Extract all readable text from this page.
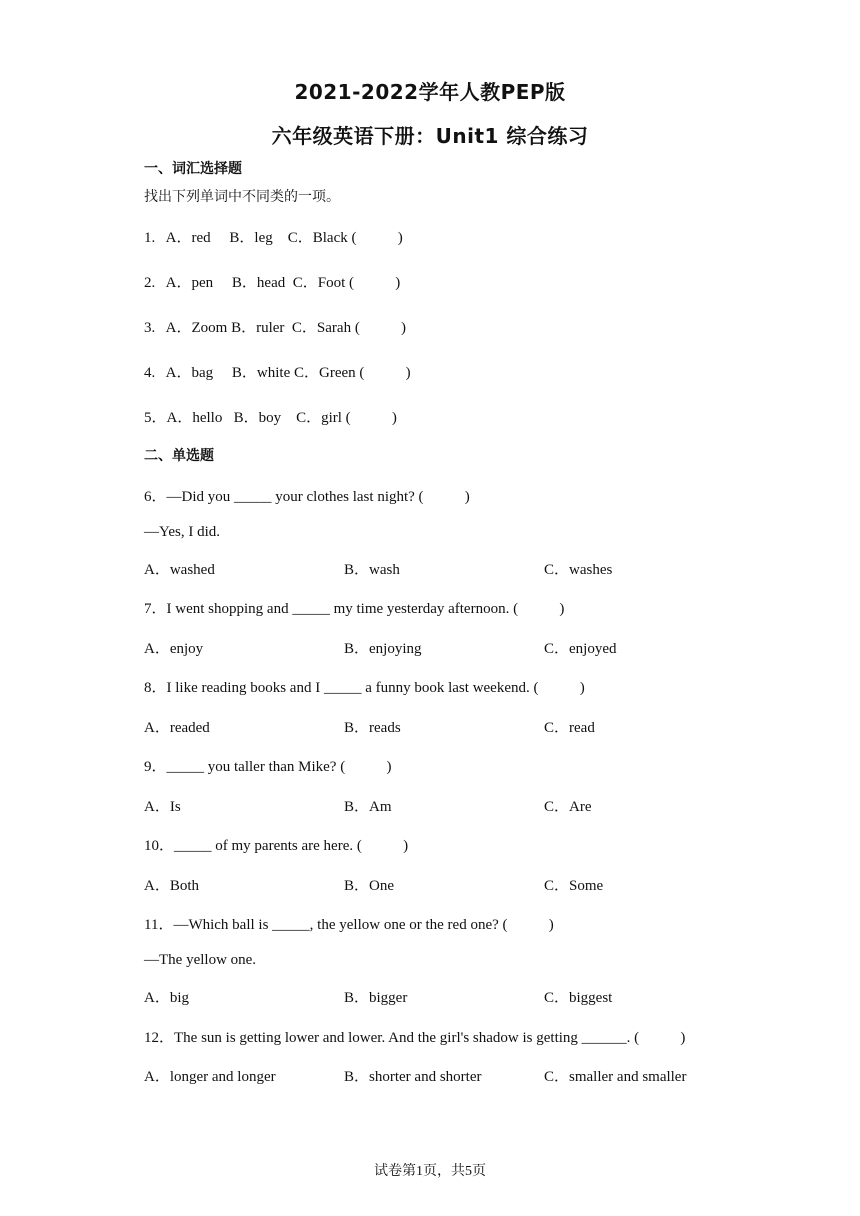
2021-2022学年人教PEP版
六年级英语下册：Unit1 综合练习
一、词汇选择题
找出下列单词中不同类的一项。
1.   A．red     B．leg    C．Black (           )
2.   A．pen     B．head  C．Foot (           )
3.   A．Zoom B．ruler  C．Sarah (           )
4.   A．bag     B．white C．Green (           )
5．A．hello   B．boy    C．girl (           )
二、单选题
6．—Did you _____ your clothes last night? (           )
—Yes, I did.
A．washed	B．wash	C．washes
7．I went shopping and _____ my time yesterday afternoon. (           )
A．enjoy	B．enjoying	C．enjoyed
8．I like reading books and I _____ a funny book last weekend. (           )
A．readed	B．reads	C．read
9．_____ you taller than Mike? (           )
A．Is	B．Am	C．Are
10．_____ of my parents are here. (           )
A．Both	B．One	C．Some
11．—Which ball is _____, the yellow one or the red one? (           )
—The yellow one.
A．big	B．bigger	C．biggest
12．The sun is getting lower and lower. And the girl's shadow is getting ______. (           )
A．longer and longer	B．shorter and shorter	C．smaller and smaller
试卷第1页，共5页
